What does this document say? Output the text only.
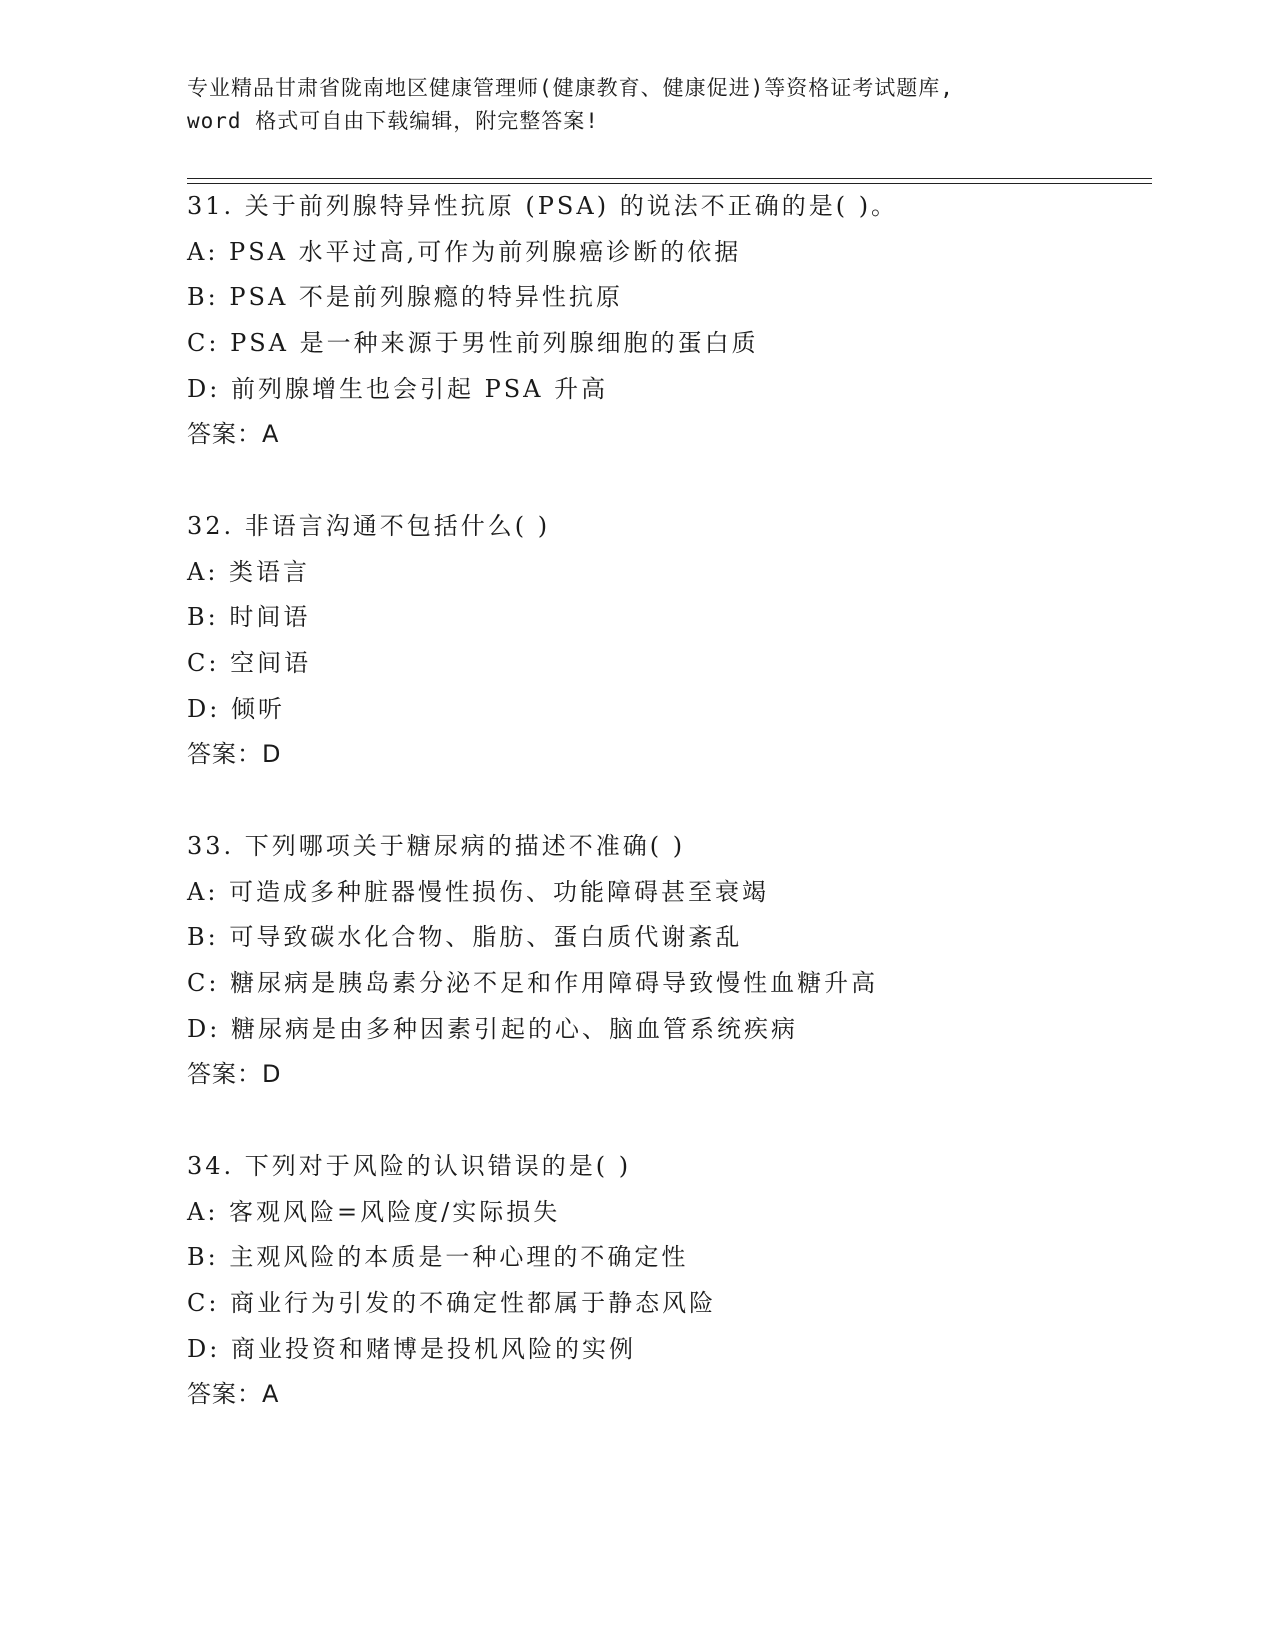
专业精品甘肃省陇南地区健康管理师(健康教育、健康促进)等资格证考试题库,
word 格式可自由下载编辑，附完整答案!
31. 关于前列腺特异性抗原 (PSA) 的说法不正确的是( )。
A: PSA 水平过高,可作为前列腺癌诊断的依据
B: PSA 不是前列腺瘾的特异性抗原
C: PSA 是一种来源于男性前列腺细胞的蛋白质
D: 前列腺增生也会引起 PSA 升高
答案：A
32. 非语言沟通不包括什么( )
A: 类语言
B: 时间语
C: 空间语
D: 倾听
答案：D
33. 下列哪项关于糖尿病的描述不准确( )
A: 可造成多种脏器慢性损伤、功能障碍甚至衰竭
B: 可导致碳水化合物、脂肪、蛋白质代谢紊乱
C: 糖尿病是胰岛素分泌不足和作用障碍导致慢性血糖升高
D: 糖尿病是由多种因素引起的心、脑血管系统疾病
答案：D
34. 下列对于风险的认识错误的是( )
A: 客观风险=风险度/实际损失
B: 主观风险的本质是一种心理的不确定性
C: 商业行为引发的不确定性都属于静态风险
D: 商业投资和赌博是投机风险的实例
答案：A
